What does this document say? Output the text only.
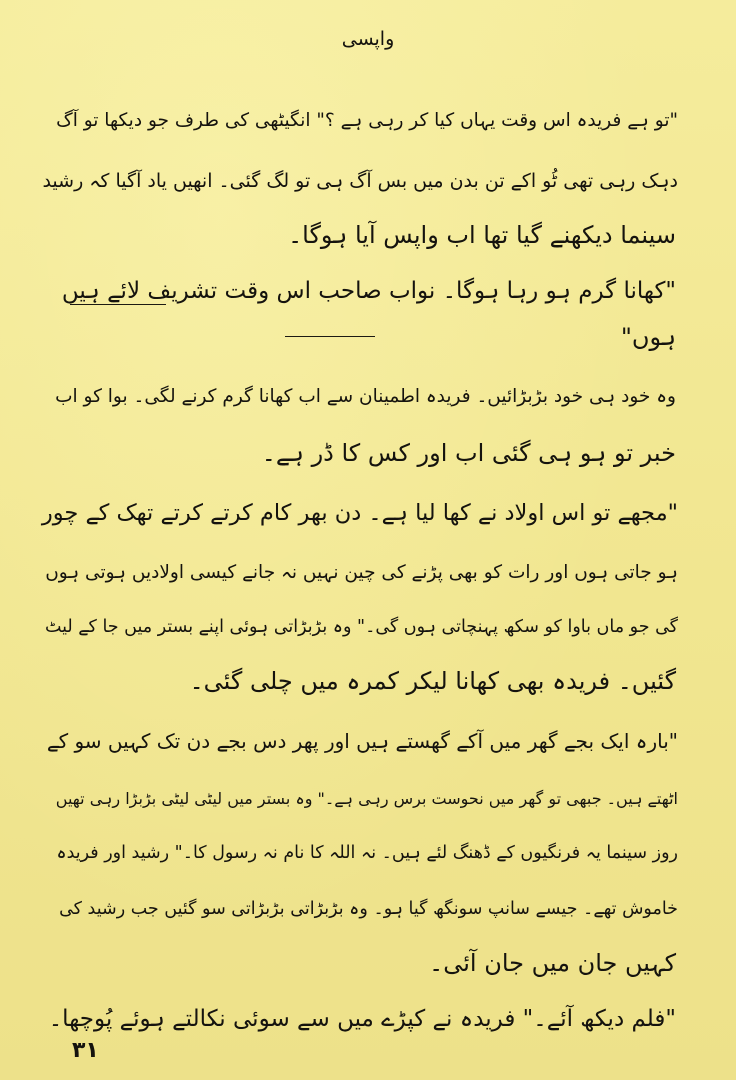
واپسی
"تو ہے فریدہ اس وقت یہاں کیا کر رہی ہے ؟" انگیٹھی کی طرف جو دیکھا تو آگ
دہک رہی تھی ٹُو اکے تن بدن میں بس آگ ہی تو لگ گئی۔ انھیں یاد آگیا کہ رشید
سینما دیکھنے گیا تھا اب واپس آیا ہوگا۔
"کھانا گرم ہو رہا ہوگا۔ نواب صاحب اس وقت تشریف لائے ہیں
ہوں"
وہ خود ہی خود بڑبڑائیں۔ فریدہ اطمینان سے اب کھانا گرم کرنے لگی۔ بوا کو اب
خبر تو ہو ہی گئی اب اور کس کا ڈر ہے۔
"مجھے تو اس اولاد نے کھا لیا ہے۔ دن بھر کام کرتے کرتے تھک کے چور
ہو جاتی ہوں اور رات کو بھی پڑنے کی چین نہیں نہ جانے کیسی اولادیں ہوتی ہوں
گی جو ماں باوا کو سکھ پہنچاتی ہوں گی۔" وہ بڑبڑاتی ہوئی اپنے بستر میں جا کے لیٹ
گئیں۔ فریدہ بھی کھانا لیکر کمرہ میں چلی گئی۔
"بارہ ایک بجے گھر میں آکے گھستے ہیں اور پھر دس بجے دن تک کہیں سو کے
اٹھتے ہیں۔ جبھی تو گھر میں نحوست برس رہی ہے۔" وہ بستر میں لیٹی لیٹی بڑبڑا رہی تھیں
روز سینما یہ فرنگیوں کے ڈھنگ لئے ہیں۔ نہ اللہ کا نام نہ رسول کا۔" رشید اور فریدہ
خاموش تھے۔ جیسے سانپ سونگھ گیا ہو۔ وہ بڑبڑاتی بڑبڑاتی سو گئیں جب رشید کی
کہیں جان میں جان آئی۔
"فلم دیکھ آئے۔" فریدہ نے کپڑے میں سے سوئی نکالتے ہوئے پُوچھا۔
٣١
